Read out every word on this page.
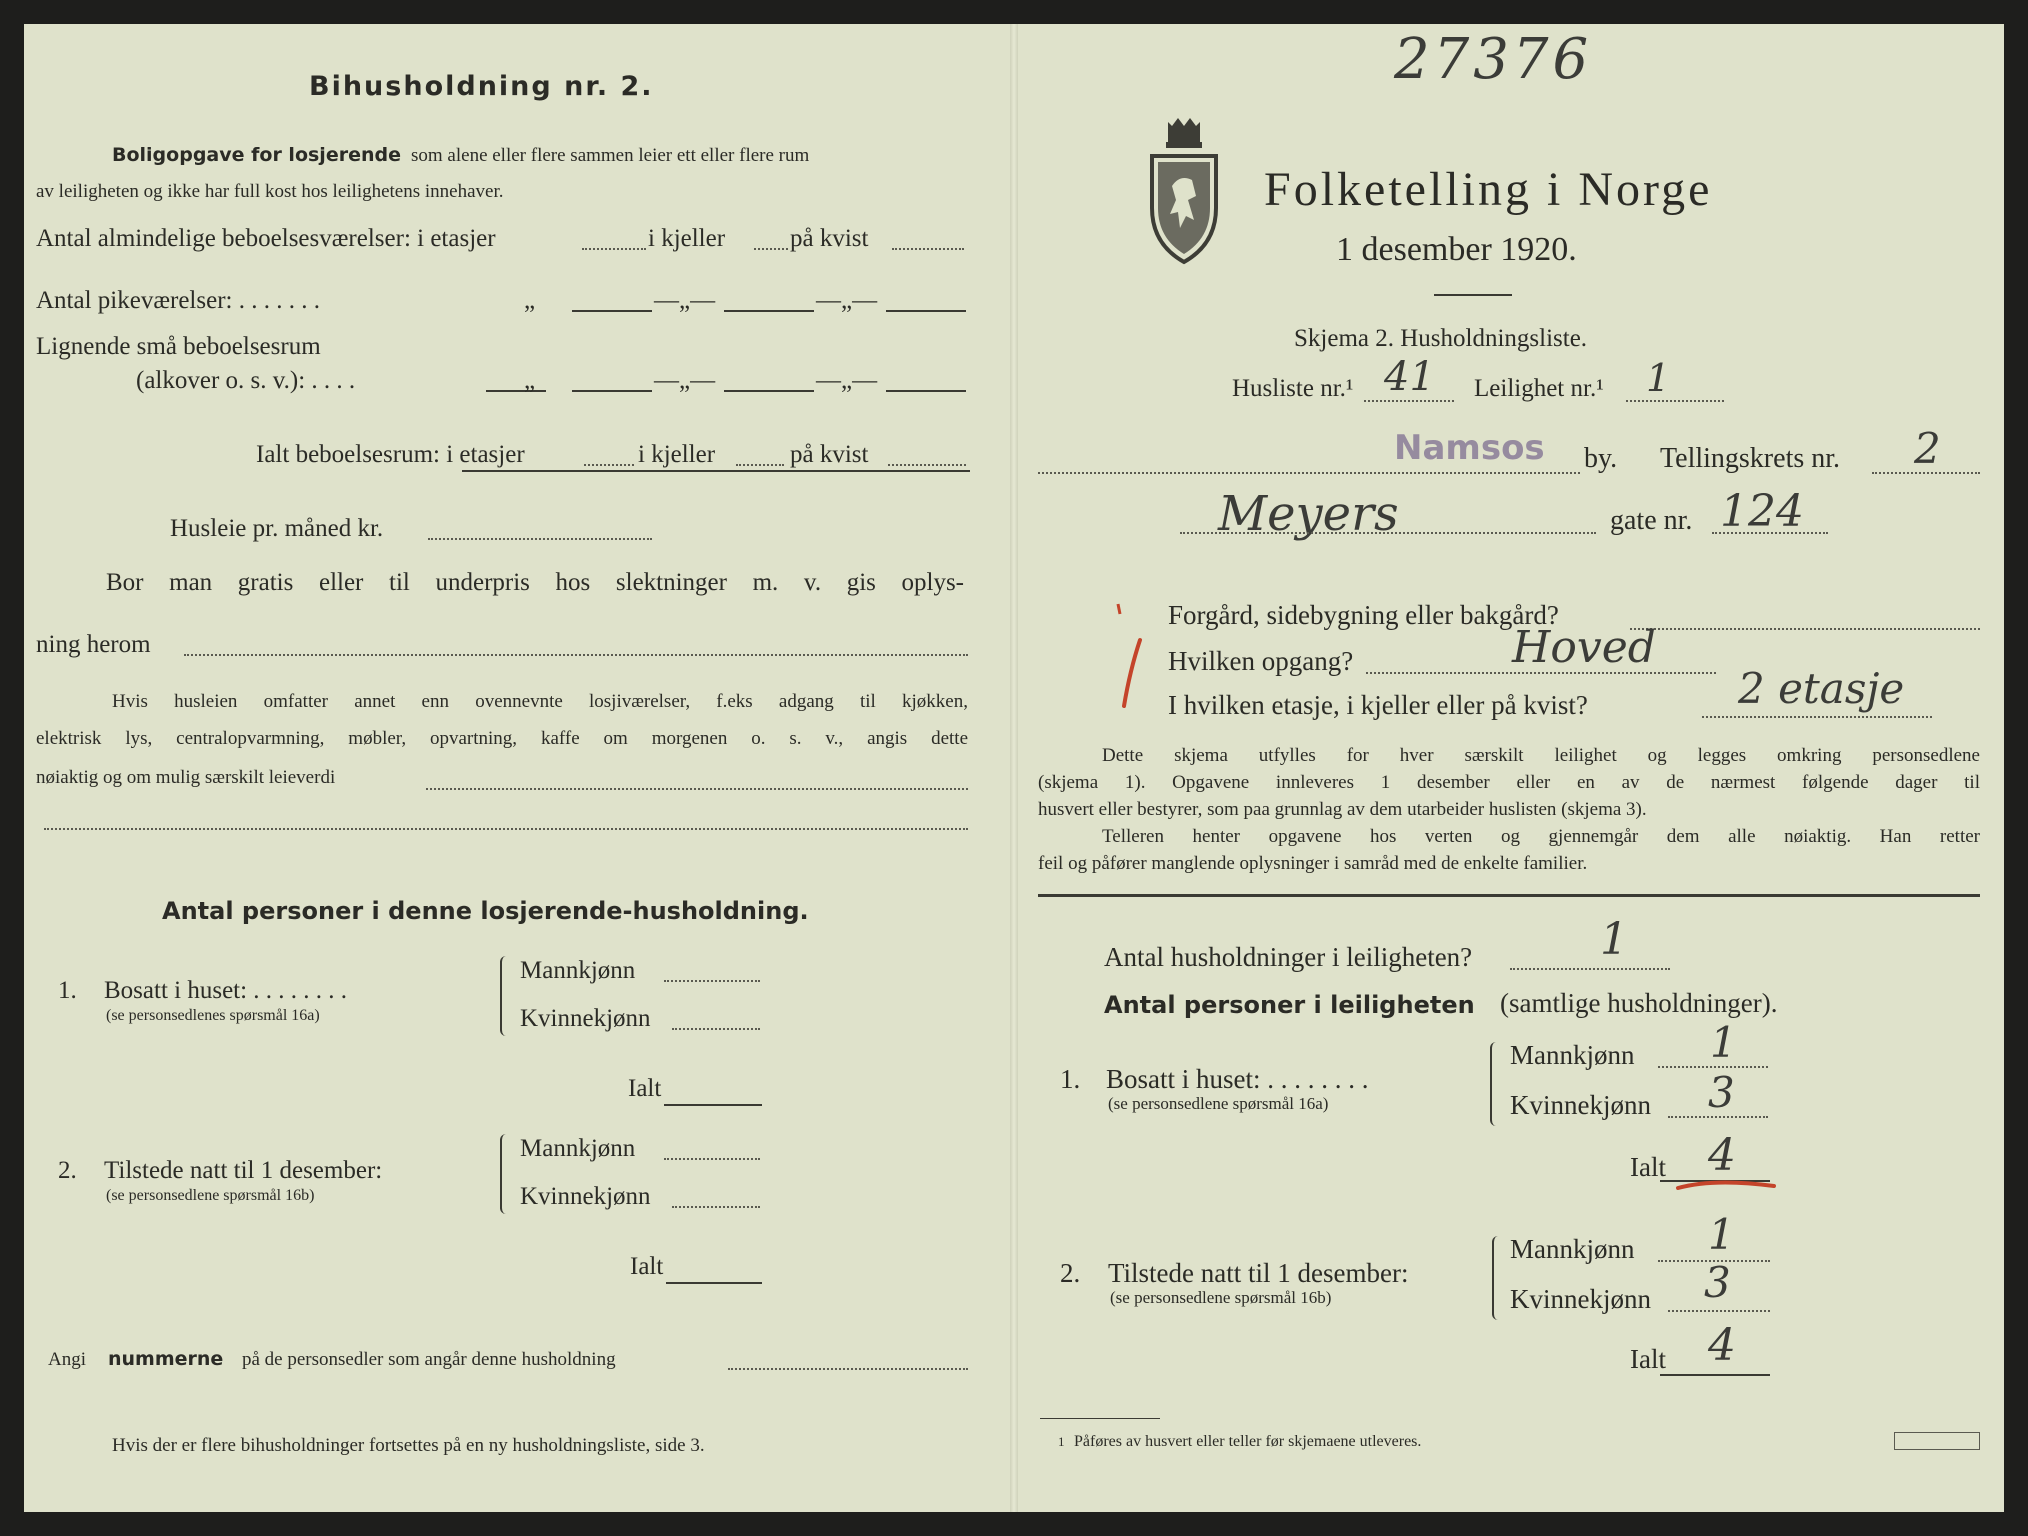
Bihusholdning nr. 2.
Boligopgave for losjerende som alene eller flere sammen leier ett eller flere rum
av leiligheten og ikke har full kost hos leilighetens innehaver.
Antal almindelige beboelsesværelser: i etasjer	i kjeller	på kvist
Antal pikeværelser: . . . . . . .	„	—„—	—„—
Lignende små beboelsesrum
(alkover o. s. v.): . . . .	„	—„—	—„—
Ialt beboelsesrum: i etasjer	i kjeller	på kvist
Husleie pr. måned kr.
Bor man gratis eller til underpris hos slektninger m. v. gis oplys-
ning herom
Hvis husleien omfatter annet enn ovennevnte losjiværelser, f.eks adgang til kjøkken,
elektrisk lys, centralopvarmning, møbler, opvartning, kaffe om morgenen o. s. v., angis dette
nøiaktig og om mulig særskilt leieverdi
Antal personer i denne losjerende-husholdning.
1. Bosatt i huset: . . . . . . . .
(se personsedlenes spørsmål 16a)
Mannkjønn
Kvinnekjønn
Ialt
2. Tilstede natt til 1 desember:
(se personsedlene spørsmål 16b)
Mannkjønn
Kvinnekjønn
Ialt
Angi nummerne på de personsedler som angår denne husholdning
Hvis der er flere bihusholdninger fortsettes på en ny husholdningsliste, side 3.
27376
Folketelling i Norge
1 desember 1920.
Skjema 2. Husholdningsliste.
Husliste nr.¹ 41 Leilighet nr.¹ 1
Namsos by. Tellingskrets nr. 2
Meyers	gate nr. 124
Forgård, sidebygning eller bakgård?
Hvilken opgang?	Hoved
I hvilken etasje, i kjeller eller på kvist?	2 etasje
Dette skjema utfylles for hver særskilt leilighet og legges omkring personsedlene
(skjema 1). Opgavene innleveres 1 desember eller en av de nærmest følgende dager til
husvert eller bestyrer, som paa grunnlag av dem utarbeider huslisten (skjema 3).
Telleren henter opgavene hos verten og gjennemgår dem alle nøiaktig. Han retter
feil og påfører manglende oplysninger i samråd med de enkelte familier.
Antal husholdninger i leiligheten?	1
Antal personer i leiligheten (samtlige husholdninger).
1. Bosatt i huset: . . . . . . . .
(se personsedlene spørsmål 16a)
Mannkjønn 1
Kvinnekjønn 3
Ialt 4
2. Tilstede natt til 1 desember:
(se personsedlene spørsmål 16b)
Mannkjønn 1
Kvinnekjønn 3
Ialt 4
1 Påføres av husvert eller teller før skjemaene utleveres.
